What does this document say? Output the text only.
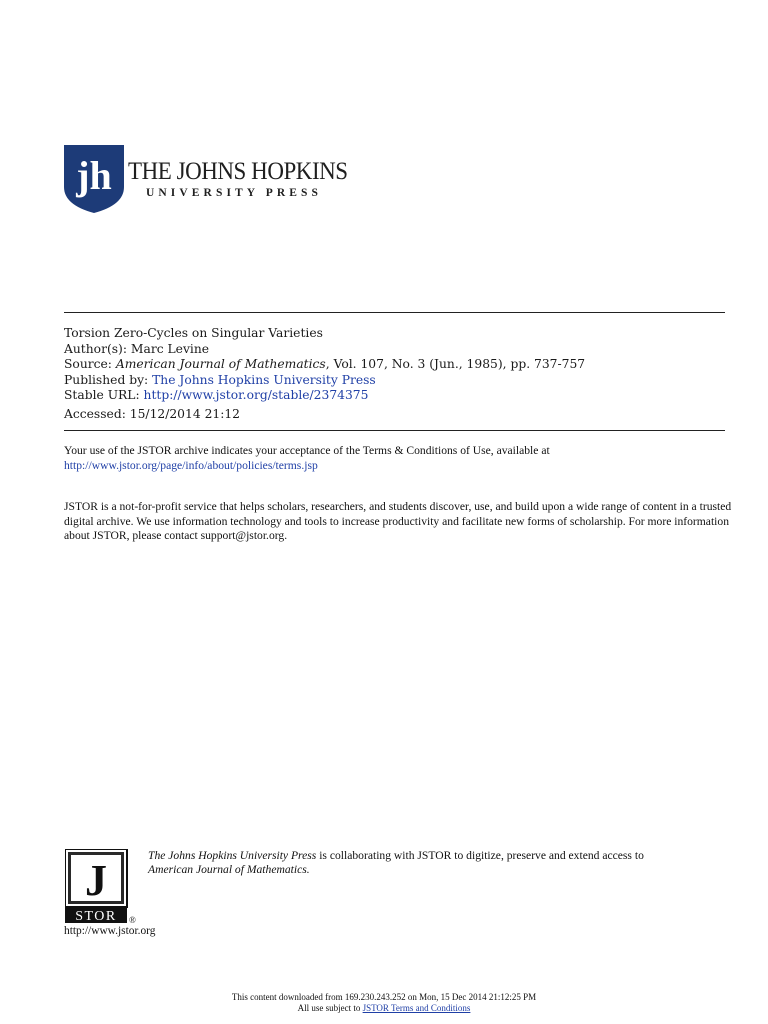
jh THE JOHNS HOPKINS
UNIVERSITY PRESS
Torsion Zero-Cycles on Singular Varieties
Author(s): Marc Levine
Source: American Journal of Mathematics, Vol. 107, No. 3 (Jun., 1985), pp. 737-757
Published by: The Johns Hopkins University Press
Stable URL: http://www.jstor.org/stable/2374375
Accessed: 15/12/2014 21:12
Your use of the JSTOR archive indicates your acceptance of the Terms & Conditions of Use, available at
http://www.jstor.org/page/info/about/policies/terms.jsp
JSTOR is a not-for-profit service that helps scholars, researchers, and students discover, use, and build upon a wide range of content in a trusted digital archive. We use information technology and tools to increase productivity and facilitate new forms of scholarship. For more information about JSTOR, please contact support@jstor.org.
J
STOR ®
The Johns Hopkins University Press is collaborating with JSTOR to digitize, preserve and extend access to
American Journal of Mathematics.
http://www.jstor.org
This content downloaded from 169.230.243.252 on Mon, 15 Dec 2014 21:12:25 PM
All use subject to JSTOR Terms and Conditions
